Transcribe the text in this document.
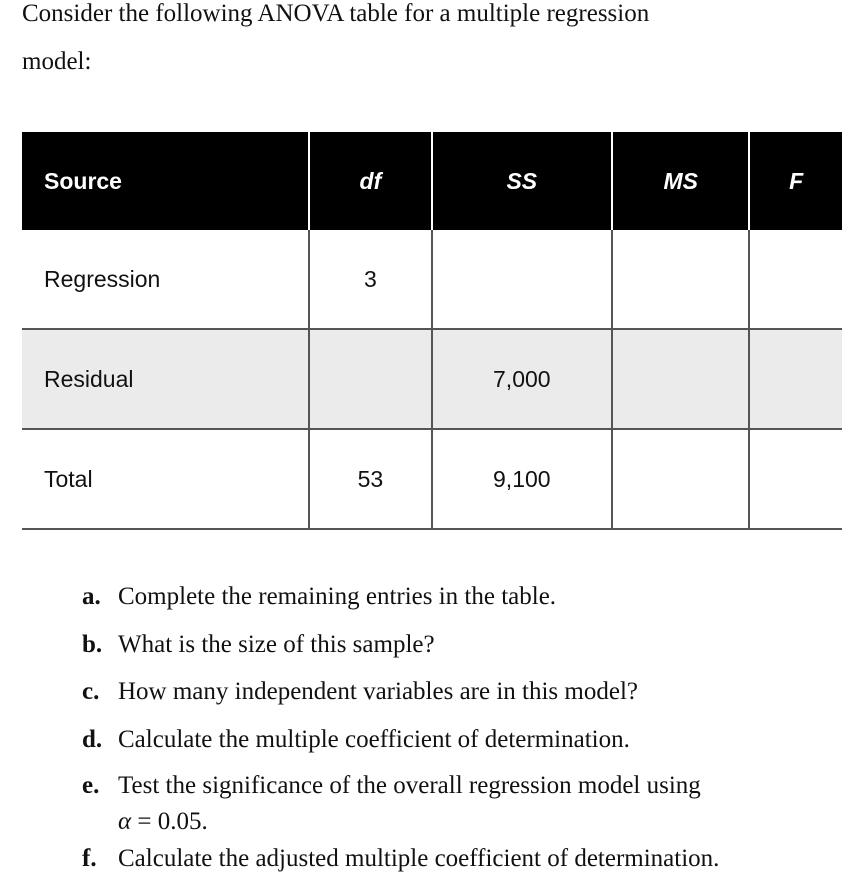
Consider the following ANOVA table for a multiple regression
model:
Source	df	SS	MS	F
Regression	3			
Residual		7,000		
Total	53	9,100		
a. Complete the remaining entries in the table.
b. What is the size of this sample?
c. How many independent variables are in this model?
d. Calculate the multiple coefficient of determination.
e. Test the significance of the overall regression model using
α = 0.05.
f. Calculate the adjusted multiple coefficient of determination.
